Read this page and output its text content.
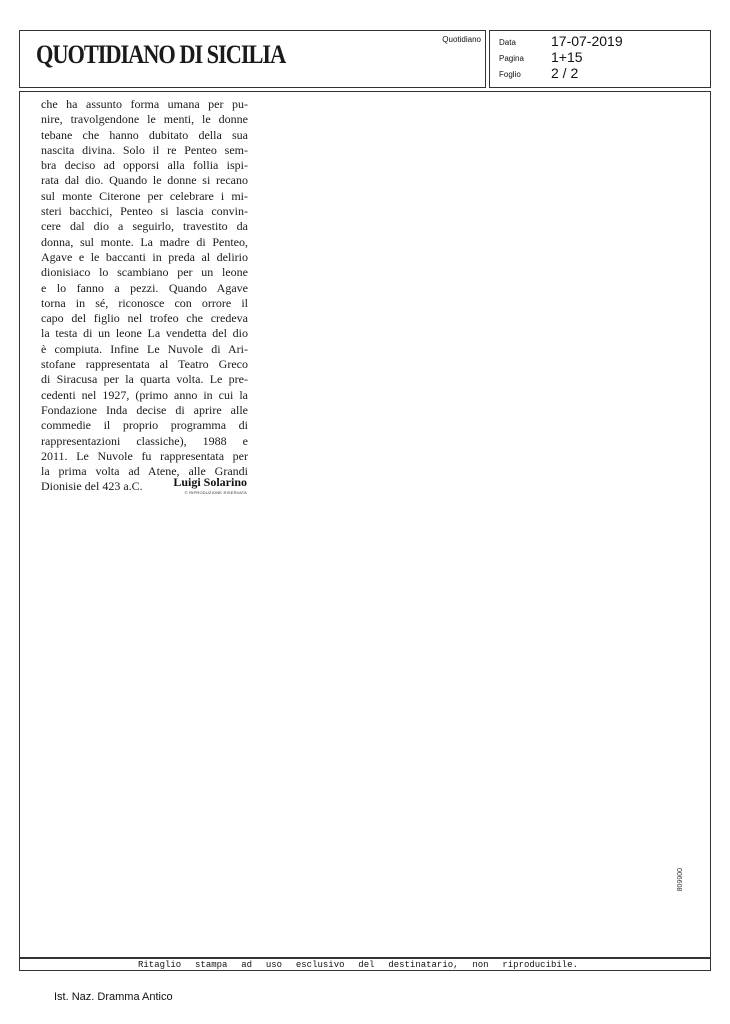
QUOTIDIANO DI SICILIA
Quotidiano Data	17-07-2019
Pagina 1+15
Foglio 2 / 2
che ha assunto forma umana per pu-
nire, travolgendone le menti, le donne
tebane che hanno dubitato della sua
nascita divina. Solo il re Penteo sem-
bra deciso ad opporsi alla follia ispi-
rata dal dio. Quando le donne si recano
sul monte Citerone per celebrare i mi-
steri bacchici, Penteo si lascia convin-
cere dal dio a seguirlo, travestito da
donna, sul monte. La madre di Penteo,
Agave e le baccanti in preda al delirio
dionisiaco lo scambiano per un leone
e lo fanno a pezzi. Quando Agave
torna in sé, riconosce con orrore il
capo del figlio nel trofeo che credeva
la testa di un leone La vendetta del dio
è compiuta. Infine Le Nuvole di Ari-
stofane rappresentata al Teatro Greco
di Siracusa per la quarta volta. Le pre-
cedenti nel 1927, (primo anno in cui la
Fondazione Inda decise di aprire alle
commedie il proprio programma di
rappresentazioni classiche), 1988 e
2011. Le Nuvole fu rappresentata per
la prima volta ad Atene, alle Grandi
Dionisie del 423 a.C.	Luigi Solarino
© RIPRODUZIONE RISERVATA
006608
Ritaglio stampa ad uso esclusivo del destinatario, non riproducibile.
Ist. Naz. Dramma Antico
